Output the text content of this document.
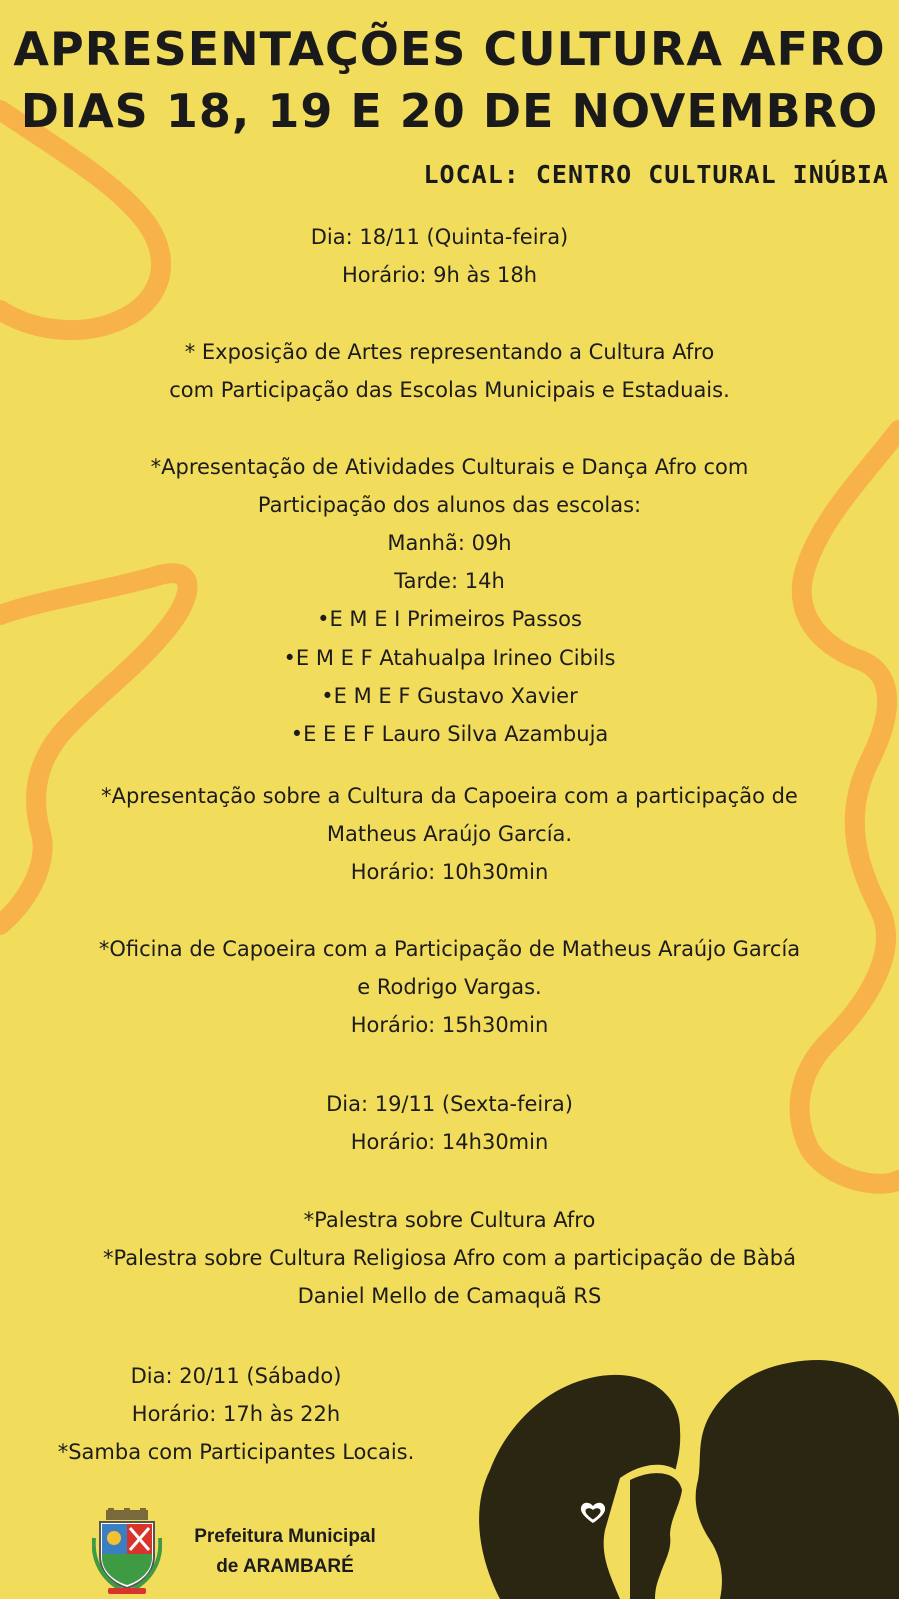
APRESENTAÇÕES CULTURA AFRO
DIAS 18, 19 E 20 DE NOVEMBRO

LOCAL: CENTRO CULTURAL INÚBIA

Dia: 18/11 (Quinta-feira)

Horário: 9h às 18h

* Exposição de Artes representando a Cultura Afro

com Participação das Escolas Municipais e Estaduais.

*Apresentação de Atividades Culturais e Dança Afro com

Participação dos alunos das escolas:

Manhã: 09h

Tarde: 14h

•E M E I Primeiros Passos

•E M E F Atahualpa Irineo Cibils

•E M E F Gustavo Xavier

•E E E F Lauro Silva Azambuja

*Apresentação sobre a Cultura da Capoeira com a participação de

Matheus Araújo García.

Horário: 10h30min

*Oficina de Capoeira com a Participação de Matheus Araújo García

e Rodrigo Vargas.

Horário: 15h30min

Dia: 19/11 (Sexta-feira)

Horário: 14h30min

*Palestra sobre Cultura Afro

*Palestra sobre Cultura Religiosa Afro com a participação de Bàbá

Daniel Mello de Camaquã RS

Dia: 20/11 (Sábado)

Horário: 17h às 22h

*Samba com Participantes Locais.

Prefeitura Municipal

de ARAMBARÉ
